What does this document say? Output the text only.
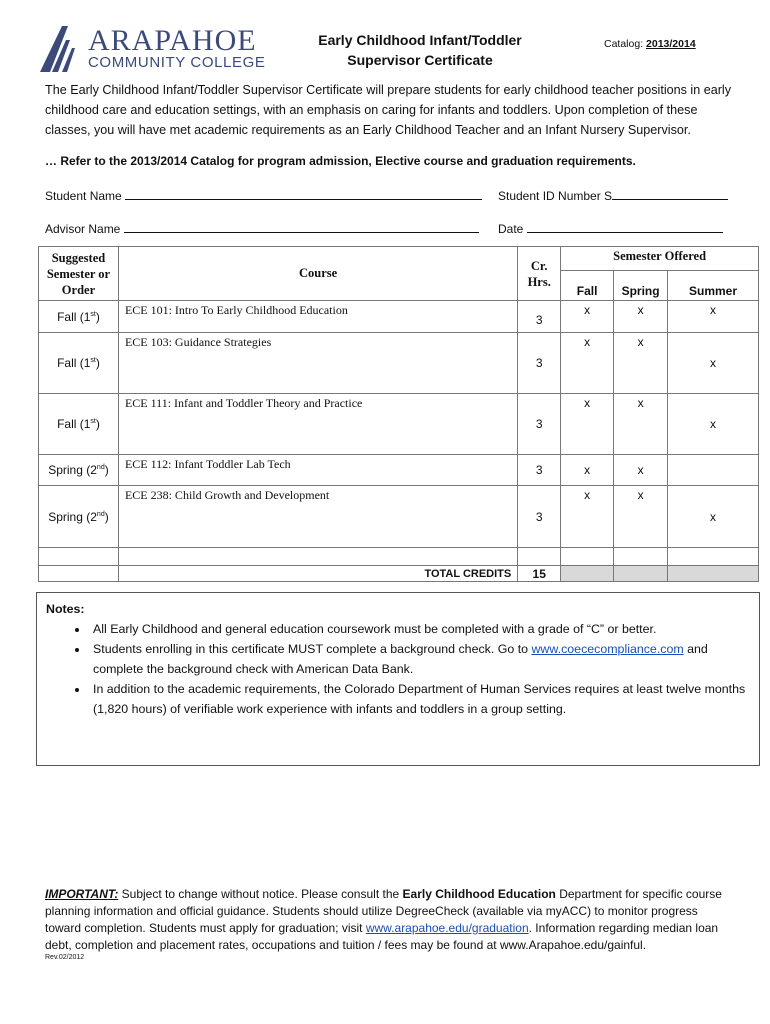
ARAPAHOE
COMMUNITY COLLEGE
Early Childhood Infant/Toddler
Supervisor Certificate
Catalog: 2013/2014
The Early Childhood Infant/Toddler Supervisor Certificate will prepare students for early childhood teacher positions in early childhood care and education settings, with an emphasis on caring for infants and toddlers. Upon completion of these classes, you will have met academic requirements as an Early Childhood Teacher and an Infant Nursery Supervisor.
… Refer to the 2013/2014 Catalog for program admission, Elective course and graduation requirements.
Student Name	Student ID Number S
Advisor Name	Date
Suggested Semester or Order	Course	Cr. Hrs.	Semester Offered		
			Fall	Spring	Summer
Fall (1st)	ECE 101: Intro To Early Childhood Education	3	x	x	x
Fall (1st)	ECE 103: Guidance Strategies	3	x	x	x
Fall (1st)	ECE 111: Infant and Toddler Theory and Practice	3	x	x	x
Spring (2nd)	ECE 112: Infant Toddler Lab Tech	3	x	x	
Spring (2nd)	ECE 238: Child Growth and Development	3	x	x	x

	TOTAL CREDITS	15			
Notes:
• All Early Childhood and general education coursework must be completed with a grade of “C” or better.
• Students enrolling in this certificate MUST complete a background check. Go to www.coececompliance.com and complete the background check with American Data Bank.
• In addition to the academic requirements, the Colorado Department of Human Services requires at least twelve months (1,820 hours) of verifiable work experience with infants and toddlers in a group setting.
IMPORTANT: Subject to change without notice. Please consult the Early Childhood Education Department for specific course planning information and official guidance. Students should utilize DegreeCheck (available via myACC) to monitor progress toward completion. Students must apply for graduation; visit www.arapahoe.edu/graduation. Information regarding median loan debt, completion and placement rates, occupations and tuition / fees may be found at www.Arapahoe.edu/gainful.
Rev.02/2012
